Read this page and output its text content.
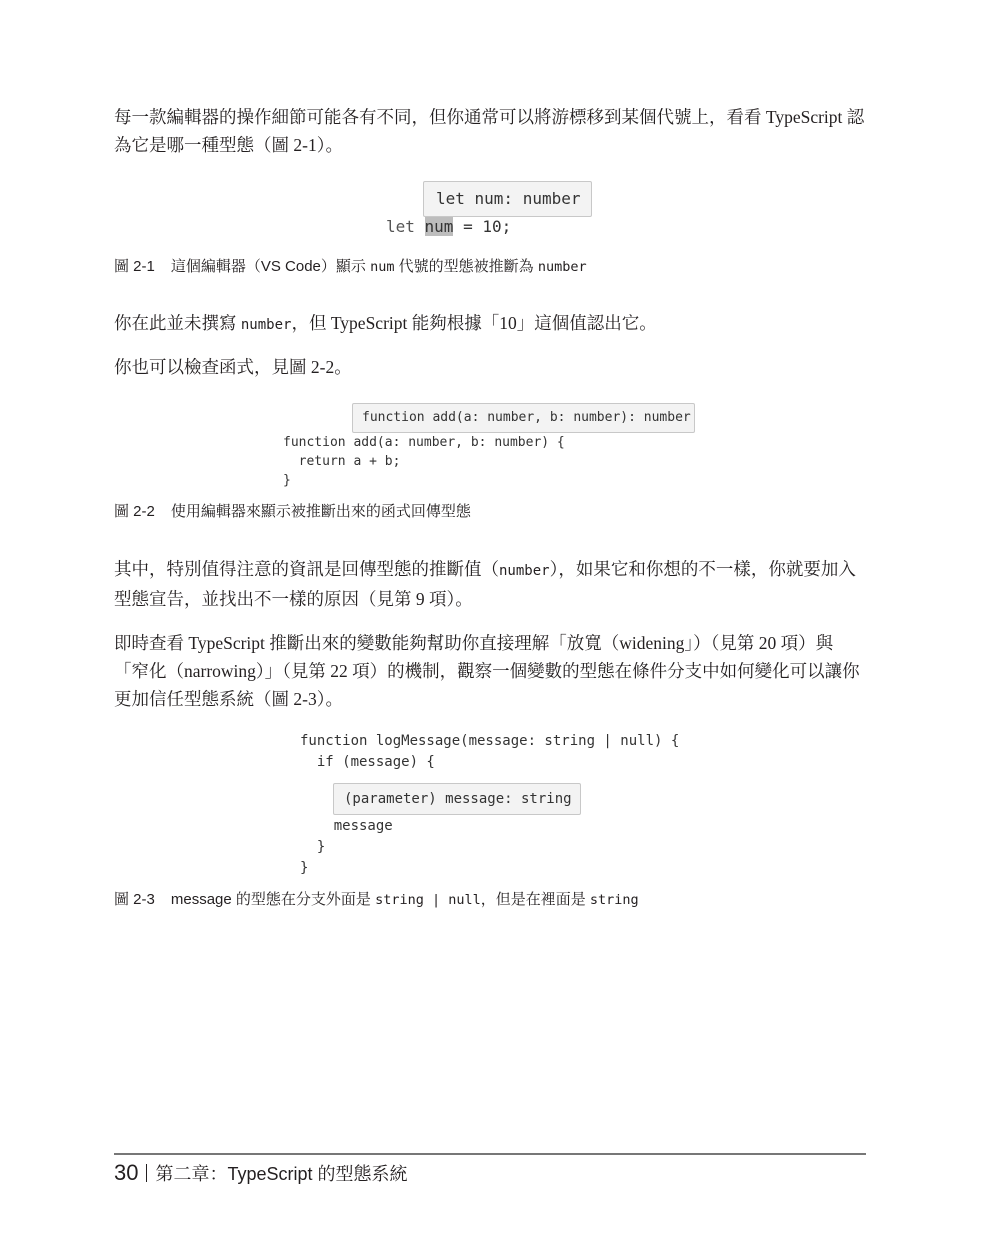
每一款編輯器的操作細節可能各有不同，但你通常可以將游標移到某個代號上，看看 TypeScript 認為它是哪一種型態（圖 2-1）。
let num: number
let num = 10;
圖 2-1 這個編輯器（VS Code）顯示 num 代號的型態被推斷為 number
你在此並未撰寫 number，但 TypeScript 能夠根據「10」這個值認出它。
你也可以檢查函式，見圖 2-2。
function add(a: number, b: number): number
function add(a: number, b: number) {
return a + b;
}
圖 2-2 使用編輯器來顯示被推斷出來的函式回傳型態
其中，特別值得注意的資訊是回傳型態的推斷值（number），如果它和你想的不一樣，你就要加入型態宣告，並找出不一樣的原因（見第 9 項）。
即時查看 TypeScript 推斷出來的變數能夠幫助你直接理解「放寬（widening」）（見第 20 項）與「窄化（narrowing）」（見第 22 項）的機制，觀察一個變數的型態在條件分支中如何變化可以讓你更加信任型態系統（圖 2-3）。
function logMessage(message: string | null) {
if (message) {
(parameter) message: string
message
}
}
圖 2-3 message 的型態在分支外面是 string | null，但是在裡面是 string
30 第二章：TypeScript 的型態系統
